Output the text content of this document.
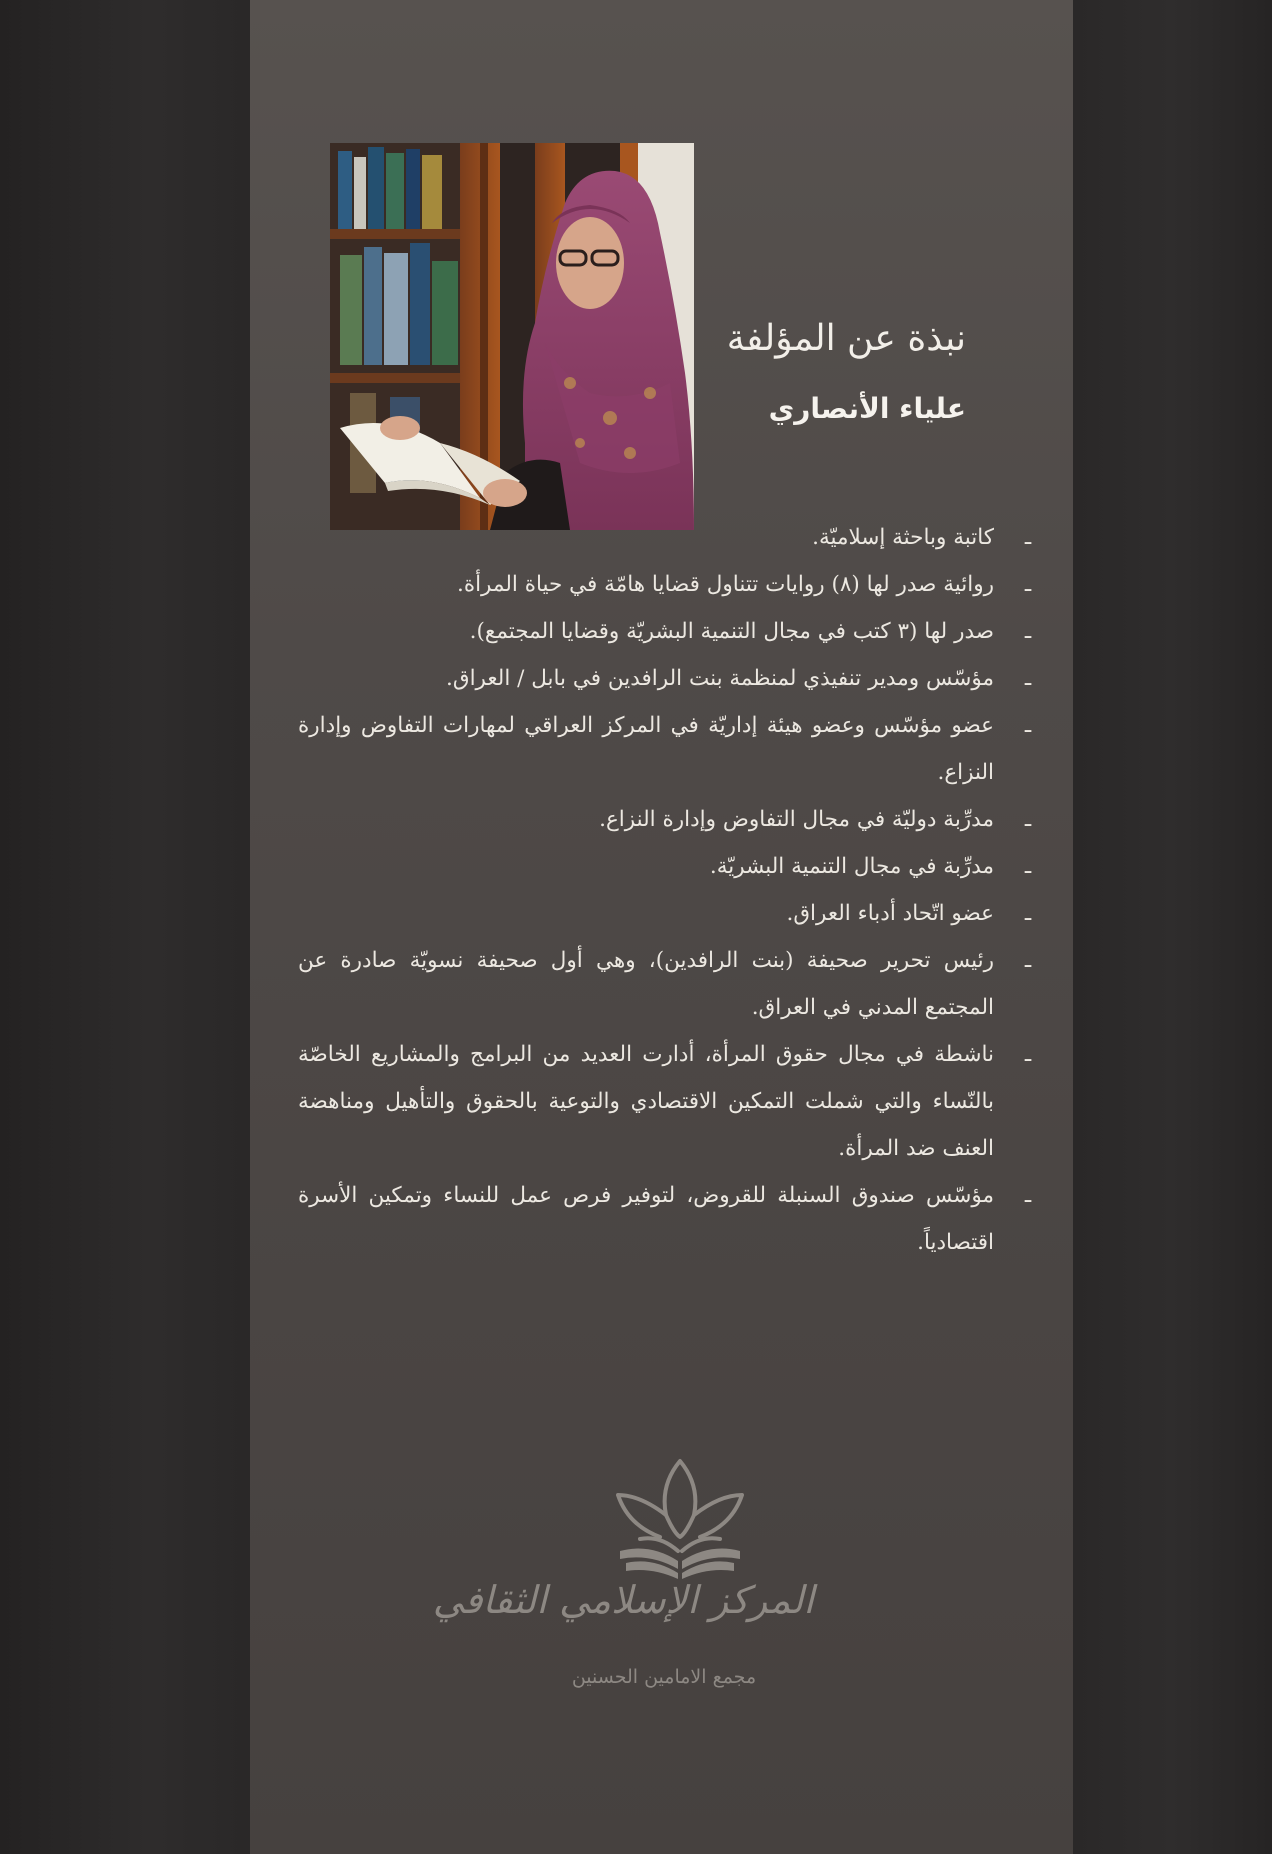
نبذة عن المؤلفة
علياء الأنصاري
ـ
كاتبة وباحثة إسلاميّة.
ـ
روائية صدر لها (٨) روايات تتناول قضايا هامّة في حياة المرأة.
ـ
صدر لها (٣ كتب في مجال التنمية البشريّة وقضايا المجتمع).
ـ
مؤسّس ومدير تنفيذي لمنظمة بنت الرافدين في بابل / العراق.
ـ
عضو مؤسّس وعضو هيئة إداريّة في المركز العراقي لمهارات التفاوض وإدارة النزاع.
ـ
مدرِّبة دوليّة في مجال التفاوض وإدارة النزاع.
ـ
مدرِّبة في مجال التنمية البشريّة.
ـ
عضو اتّحاد أدباء العراق.
ـ
رئيس تحرير صحيفة (بنت الرافدين)، وهي أول صحيفة نسويّة صادرة عن المجتمع المدني في العراق.
ـ
ناشطة في مجال حقوق المرأة، أدارت العديد من البرامج والمشاريع الخاصّة بالنّساء والتي شملت التمكين الاقتصادي والتوعية بالحقوق والتأهيل ومناهضة العنف ضد المرأة.
ـ
مؤسّس صندوق السنبلة للقروض، لتوفير فرص عمل للنساء وتمكين الأسرة اقتصادياً.

المركز الإسلامي الثقافي

مجمع الامامين الحسنين
